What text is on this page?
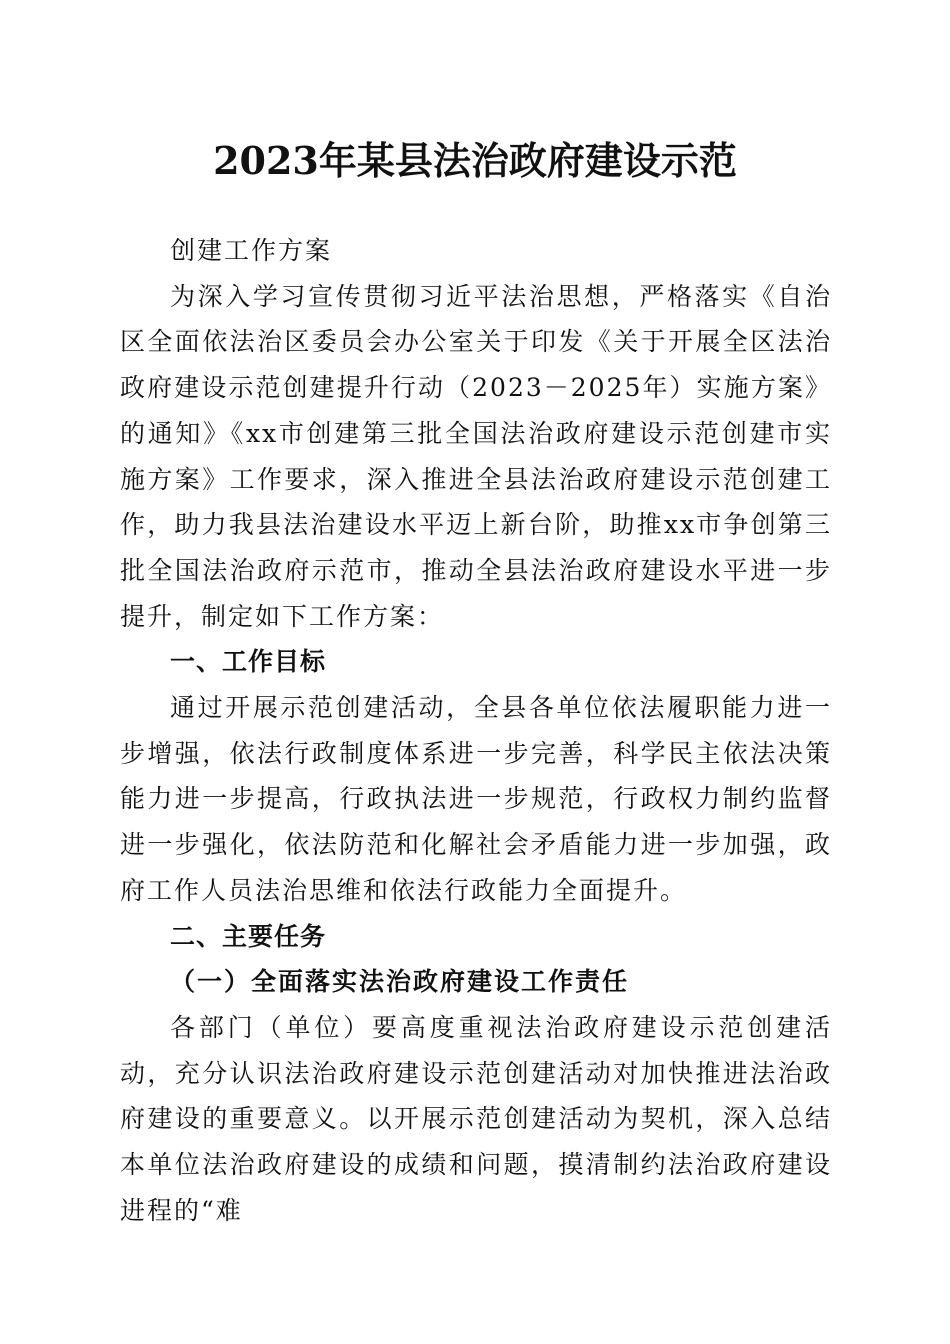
2023年某县法治政府建设示范

创建工作方案

为深入学习宣传贯彻习近平法治思想，严格落实《自治区全面依法治区委员会办公室关于印发《关于开展全区法治政府建设示范创建提升行动（2023－2025年）实施方案》的通知》《xx市创建第三批全国法治政府建设示范创建市实施方案》工作要求，深入推进全县法治政府建设示范创建工作，助力我县法治建设水平迈上新台阶，助推xx市争创第三批全国法治政府示范市，推动全县法治政府建设水平进一步提升，制定如下工作方案：

一、工作目标

通过开展示范创建活动，全县各单位依法履职能力进一步增强，依法行政制度体系进一步完善，科学民主依法决策能力进一步提高，行政执法进一步规范，行政权力制约监督进一步强化，依法防范和化解社会矛盾能力进一步加强，政府工作人员法治思维和依法行政能力全面提升。

二、主要任务

（一）全面落实法治政府建设工作责任

各部门（单位）要高度重视法治政府建设示范创建活动，充分认识法治政府建设示范创建活动对加快推进法治政府建设的重要意义。以开展示范创建活动为契机，深入总结本单位法治政府建设的成绩和问题，摸清制约法治政府建设进程的“难
